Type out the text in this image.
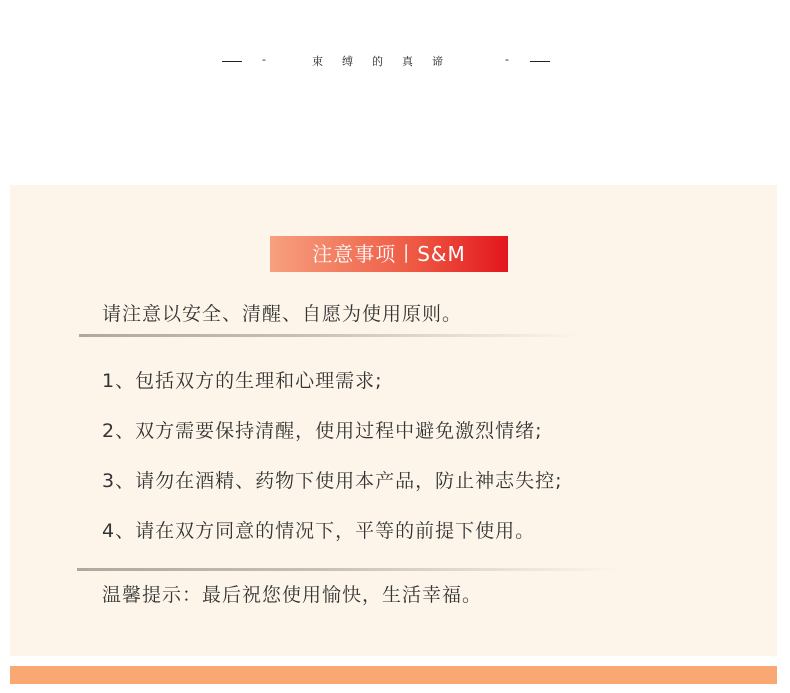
-	束缚的真谛	-
注意事项丨S&M
请注意以安全、清醒、自愿为使用原则。
1、包括双方的生理和心理需求;
2、双方需要保持清醒，使用过程中避免激烈情绪;
3、请勿在酒精、药物下使用本产品，防止神志失控;
4、请在双方同意的情况下，平等的前提下使用。
温馨提示：最后祝您使用愉快，生活幸福。
